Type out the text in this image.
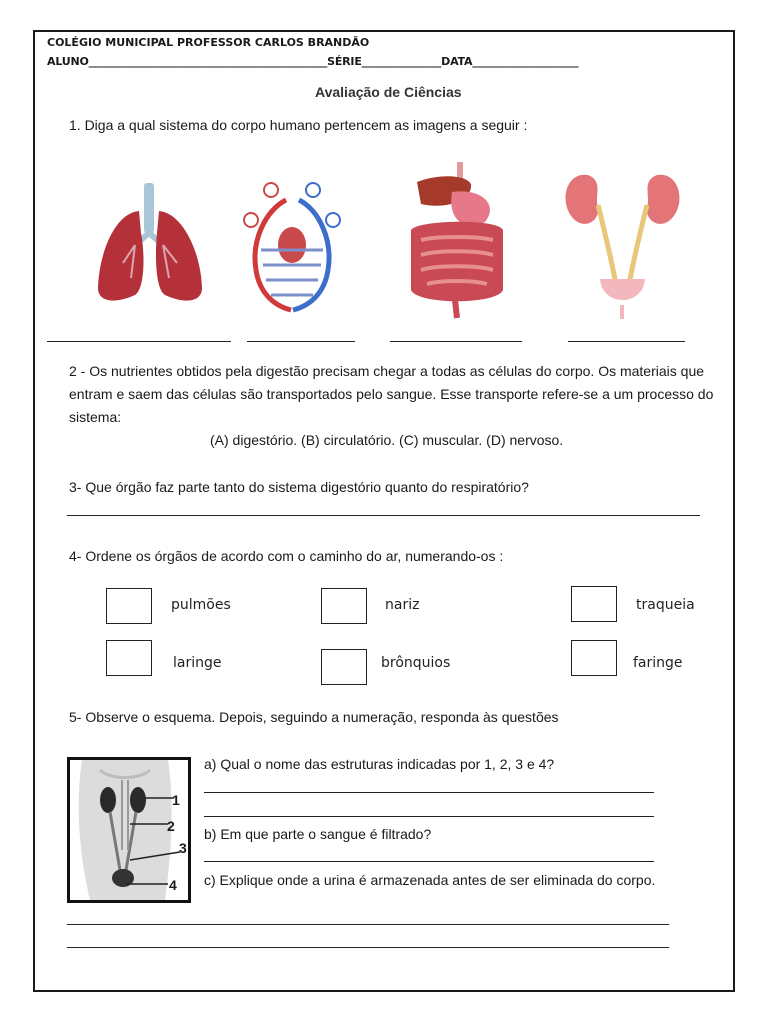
COLÉGIO MUNICIPAL PROFESSOR CARLOS BRANDÃO
ALUNO_____________________________________________SÉRIE_______________DATA____________________
Avaliação de Ciências
1. Diga a qual sistema do corpo humano pertencem as imagens a seguir :
2 - Os nutrientes obtidos pela digestão precisam chegar a todas as células do corpo. Os materiais que
entram e saem das células são transportados pelo sangue. Esse transporte refere-se a um processo do
sistema:
(A) digestório. (B) circulatório. (C) muscular. (D) nervoso.
3- Que órgão faz parte tanto do sistema digestório quanto do respiratório?
4- Ordene os órgãos de acordo com o caminho do ar, numerando-os :
pulmões	nariz	traqueia
laringe	brônquios	faringe
5- Observe o esquema. Depois, seguindo a numeração, responda às questões
1
2
3
4
a) Qual o nome das estruturas indicadas por 1, 2, 3 e 4?
b) Em que parte o sangue é filtrado?
c) Explique onde a urina é armazenada antes de ser eliminada do corpo.
